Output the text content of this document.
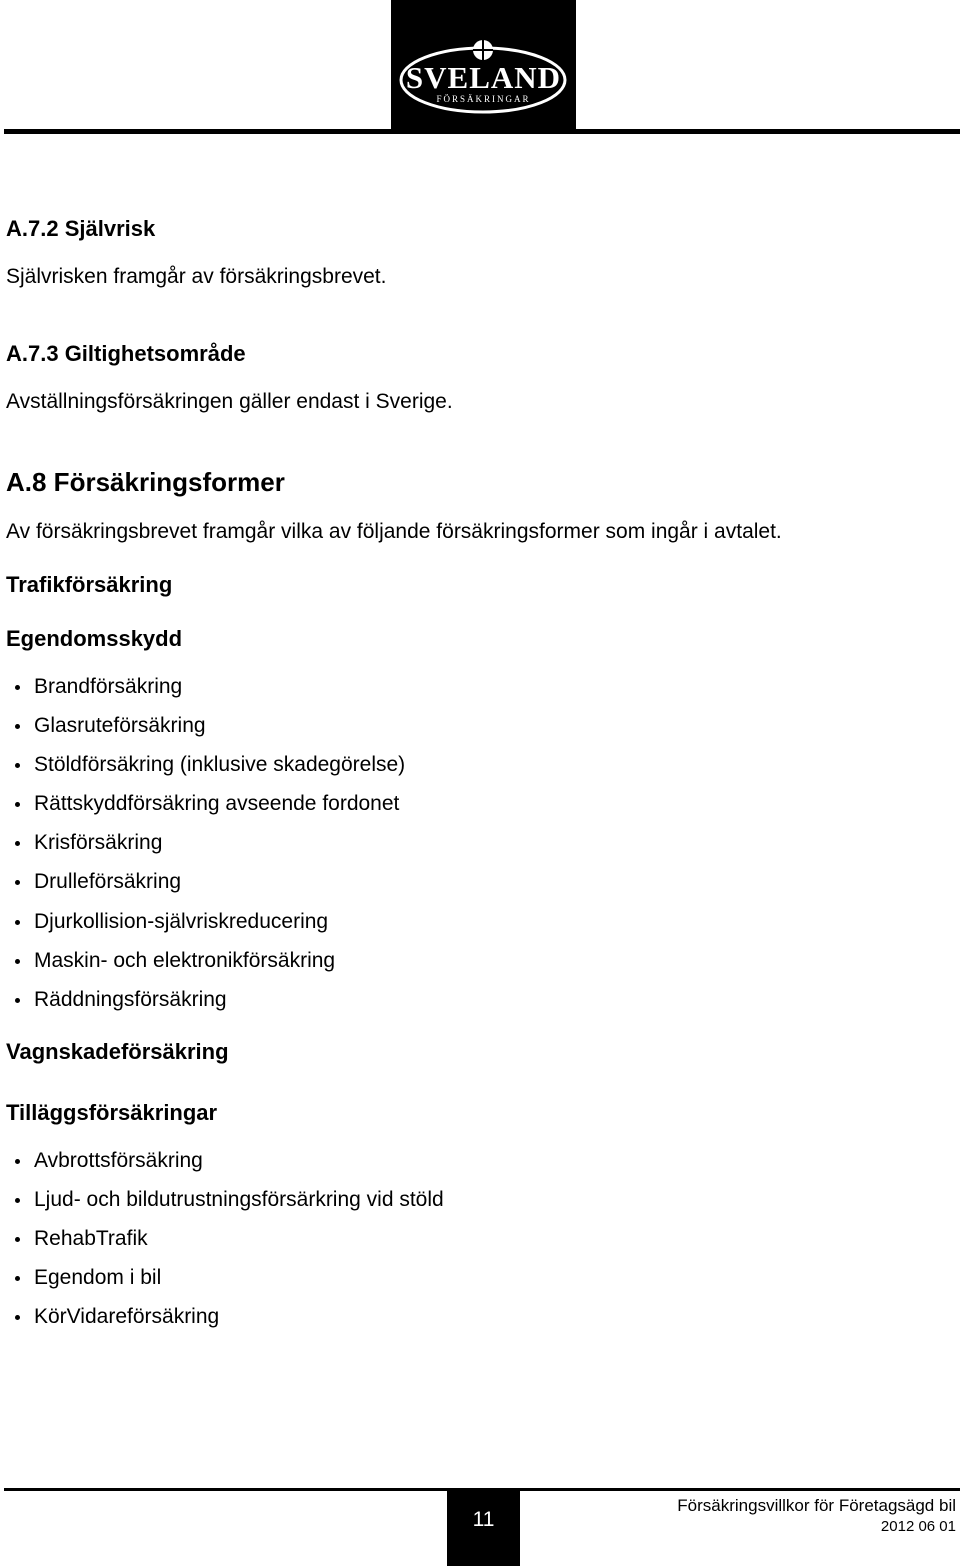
SVELAND
FÖRSÄKRINGAR
A.7.2 Självrisk
Självrisken framgår av försäkringsbrevet.
A.7.3 Giltighetsområde
Avställningsförsäkringen gäller endast i Sverige.
A.8 Försäkringsformer
Av försäkringsbrevet framgår vilka av följande försäkringsformer som ingår i avtalet.
Trafikförsäkring
Egendomsskydd
Brandförsäkring
Glasruteförsäkring
Stöldförsäkring (inklusive skadegörelse)
Rättskyddförsäkring avseende fordonet
Krisförsäkring
Drulleförsäkring
Djurkollision-självriskreducering
Maskin- och elektronikförsäkring
Räddningsförsäkring
Vagnskadeförsäkring
Tilläggsförsäkringar
Avbrottsförsäkring
Ljud- och bildutrustningsförsärkring vid stöld
RehabTrafik
Egendom i bil
KörVidareförsäkring
11
Försäkringsvillkor för Företagsägd bil
2012 06 01
